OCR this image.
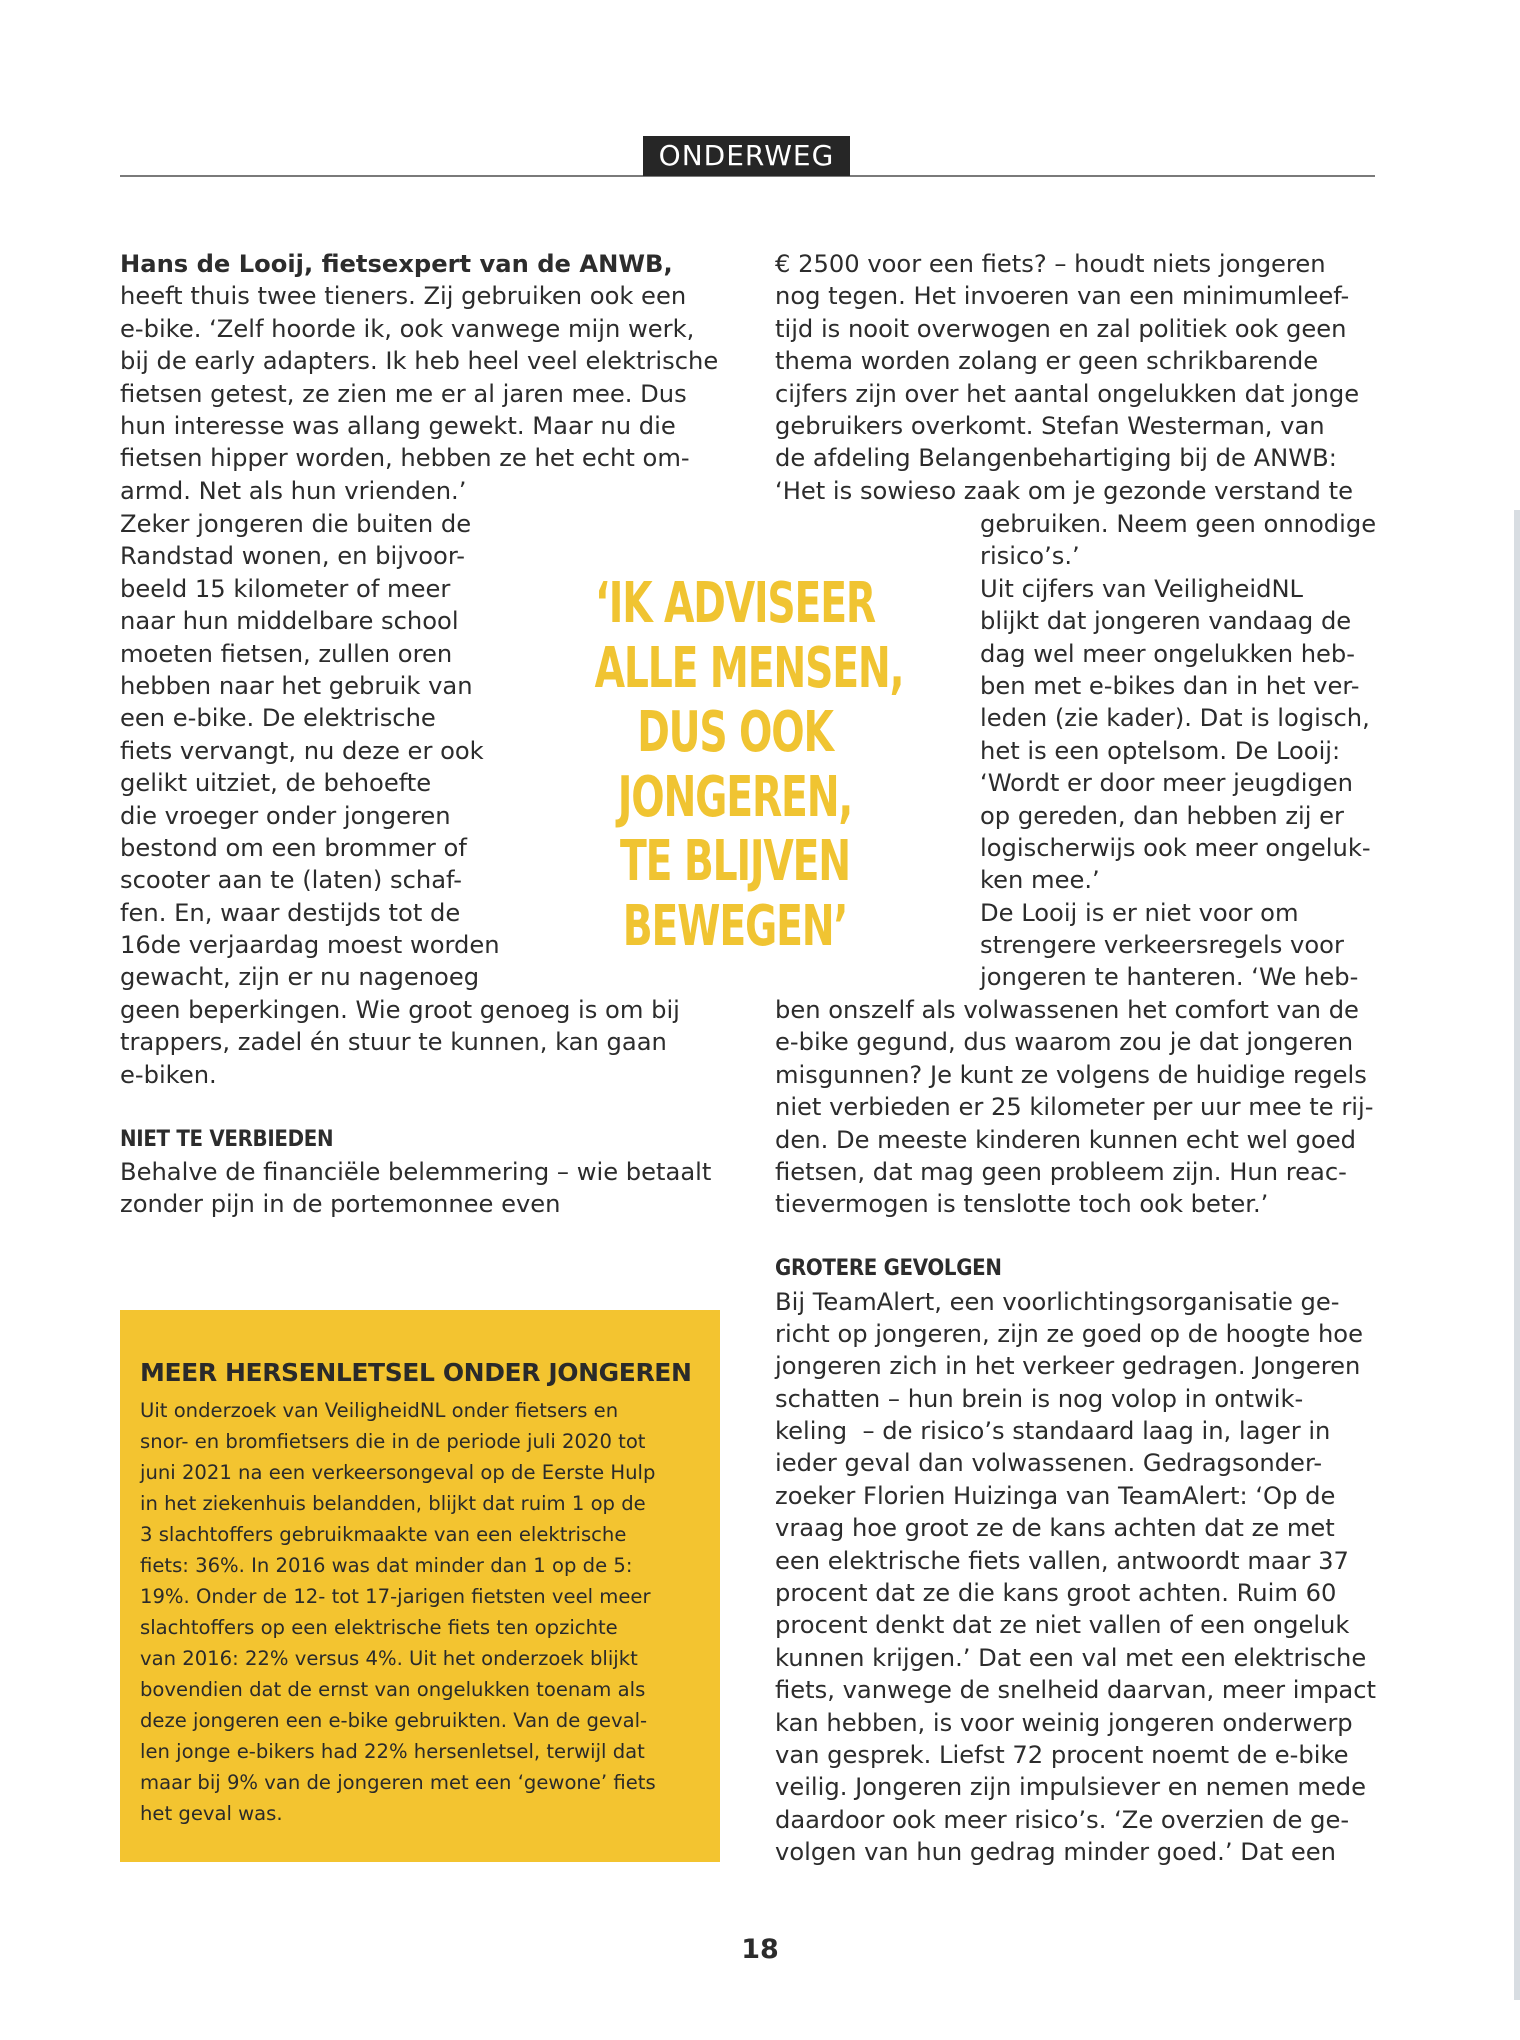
ONDERWEG
Hans de Looij, fietsexpert van de ANWB,
heeft thuis twee tieners. Zij gebruiken ook een
e-bike. ‘Zelf hoorde ik, ook vanwege mijn werk,
bij de early adapters. Ik heb heel veel elektrische
fietsen getest, ze zien me er al jaren mee. Dus
hun interesse was allang gewekt. Maar nu die
fietsen hipper worden, hebben ze het echt om-
armd. Net als hun vrienden.’
Zeker jongeren die buiten de
Randstad wonen, en bijvoor-
beeld 15 kilometer of meer
naar hun middelbare school
moeten fietsen, zullen oren
hebben naar het gebruik van
een e-bike. De elektrische
fiets vervangt, nu deze er ook
gelikt uitziet, de behoefte
die vroeger onder jongeren
bestond om een brommer of
scooter aan te (laten) schaf-
fen. En, waar destijds tot de
16de verjaardag moest worden
gewacht, zijn er nu nagenoeg
geen beperkingen. Wie groot genoeg is om bij
trappers, zadel én stuur te kunnen, kan gaan
e-biken.
NIET TE VERBIEDEN
Behalve de financiële belemmering – wie betaalt
zonder pijn in de portemonnee even
€ 2500 voor een fiets? – houdt niets jongeren
nog tegen. Het invoeren van een minimumleef-
tijd is nooit overwogen en zal politiek ook geen
thema worden zolang er geen schrikbarende
cijfers zijn over het aantal ongelukken dat jonge
gebruikers overkomt. Stefan Westerman, van
de afdeling Belangenbehartiging bij de ANWB:
‘Het is sowieso zaak om je gezonde verstand te
gebruiken. Neem geen onnodige
risico’s.’
Uit cijfers van VeiligheidNL
blijkt dat jongeren vandaag de
dag wel meer ongelukken heb-
ben met e-bikes dan in het ver-
leden (zie kader). Dat is logisch,
het is een optelsom. De Looij:
‘Wordt er door meer jeugdigen
op gereden, dan hebben zij er
logischerwijs ook meer ongeluk-
ken mee.’
De Looij is er niet voor om
strengere verkeersregels voor
jongeren te hanteren. ‘We heb-
ben onszelf als volwassenen het comfort van de
e-bike gegund, dus waarom zou je dat jongeren
misgunnen? Je kunt ze volgens de huidige regels
niet verbieden er 25 kilometer per uur mee te rij-
den. De meeste kinderen kunnen echt wel goed
fietsen, dat mag geen probleem zijn. Hun reac-
tievermogen is tenslotte toch ook beter.’
GROTERE GEVOLGEN
Bij TeamAlert, een voorlichtingsorganisatie ge-
richt op jongeren, zijn ze goed op de hoogte hoe
jongeren zich in het verkeer gedragen. Jongeren
schatten – hun brein is nog volop in ontwik-
keling  – de risico’s standaard laag in, lager in
ieder geval dan volwassenen. Gedragsonder-
zoeker Florien Huizinga van TeamAlert: ‘Op de
vraag hoe groot ze de kans achten dat ze met
een elektrische fiets vallen, antwoordt maar 37
procent dat ze die kans groot achten. Ruim 60
procent denkt dat ze niet vallen of een ongeluk
kunnen krijgen.’ Dat een val met een elektrische
fiets, vanwege de snelheid daarvan, meer impact
kan hebben, is voor weinig jongeren onderwerp
van gesprek. Liefst 72 procent noemt de e-bike
veilig. Jongeren zijn impulsiever en nemen mede
daardoor ook meer risico’s. ‘Ze overzien de ge-
volgen van hun gedrag minder goed.’ Dat een
‘IK ADVISEER
ALLE MENSEN,
DUS OOK
JONGEREN,
TE BLIJVEN
BEWEGEN’
MEER HERSENLETSEL ONDER JONGEREN
Uit onderzoek van VeiligheidNL onder fietsers en
snor- en bromfietsers die in de periode juli 2020 tot
juni 2021 na een verkeersongeval op de Eerste Hulp
in het ziekenhuis belandden, blijkt dat ruim 1 op de
3 slachtoffers gebruikmaakte van een elektrische
fiets: 36%. In 2016 was dat minder dan 1 op de 5:
19%. Onder de 12- tot 17-jarigen fietsten veel meer
slachtoffers op een elektrische fiets ten opzichte
van 2016: 22% versus 4%. Uit het onderzoek blijkt
bovendien dat de ernst van ongelukken toenam als
deze jongeren een e-bike gebruikten. Van de geval-
len jonge e-bikers had 22% hersenletsel, terwijl dat
maar bij 9% van de jongeren met een ‘gewone’ fiets
het geval was.
18
